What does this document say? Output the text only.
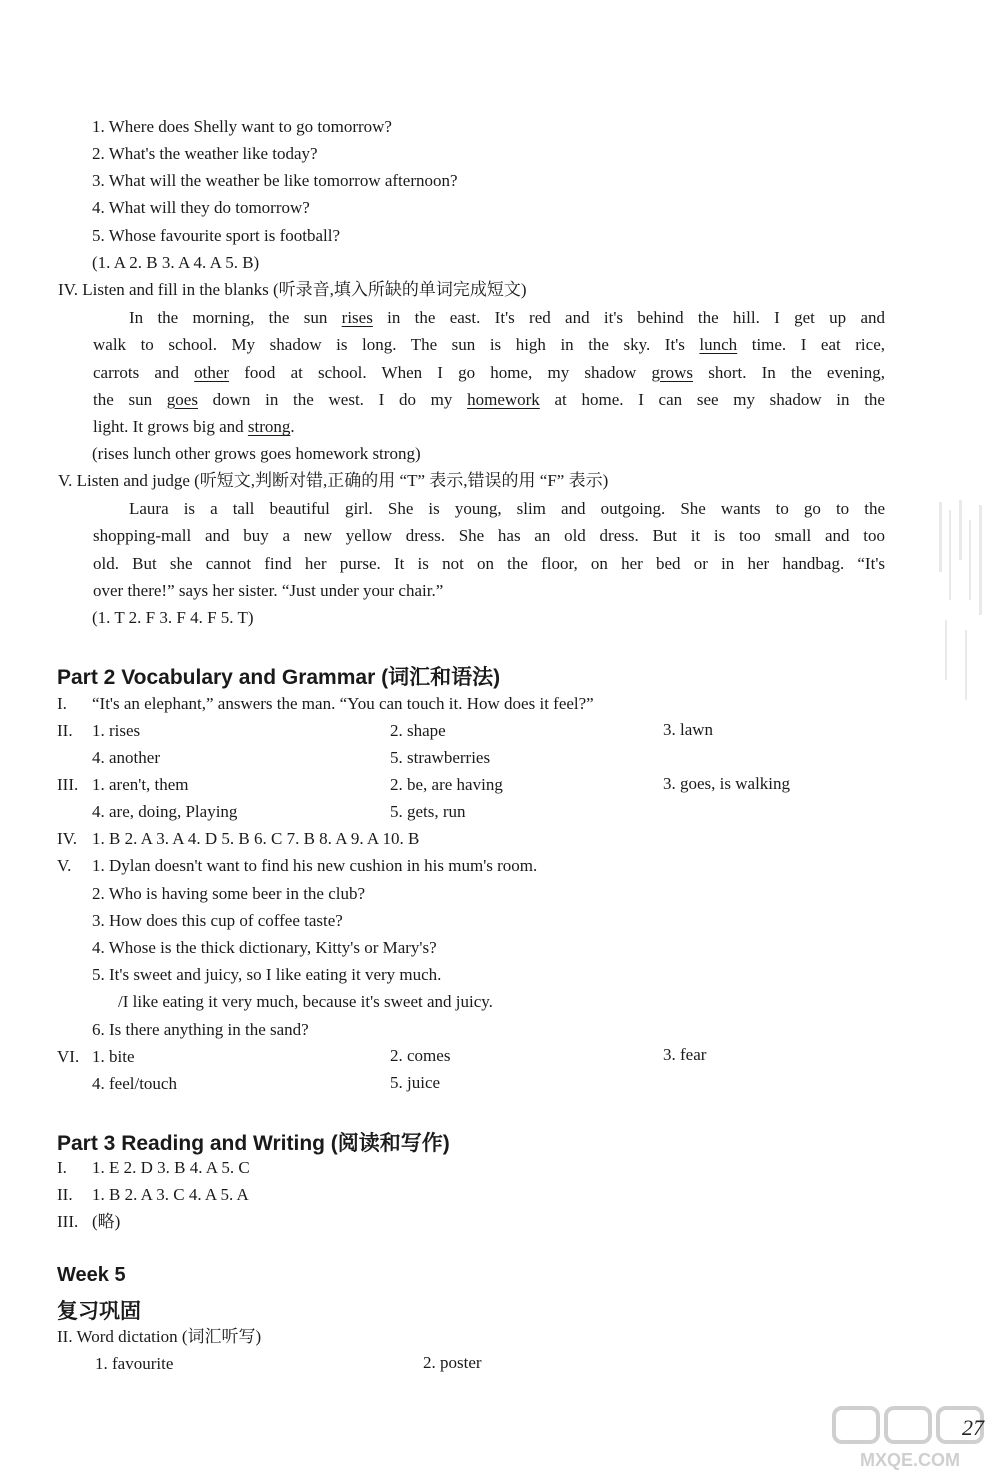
1. Where does Shelly want to go tomorrow?
2. What's the weather like today?
3. What will the weather be like tomorrow afternoon?
4. What will they do tomorrow?
5. Whose favourite sport is football?
(1. A 2. B 3. A 4. A 5. B)
IV. Listen and fill in the blanks (听录音,填入所缺的单词完成短文)
In the morning, the sun rises in the east. It's red and it's behind the hill. I get up and
walk to school. My shadow is long. The sun is high in the sky. It's lunch time. I eat rice,
carrots and other food at school. When I go home, my shadow grows short. In the evening,
the sun goes down in the west. I do my homework at home. I can see my shadow in the
light. It grows big and strong.
(rises lunch other grows goes homework strong)
V. Listen and judge (听短文,判断对错,正确的用 “T” 表示,错误的用 “F” 表示)
Laura is a tall beautiful girl. She is young, slim and outgoing. She wants to go to the
shopping-mall and buy a new yellow dress. She has an old dress. But it is too small and too
old. But she cannot find her purse. It is not on the floor, on her bed or in her handbag. “It's
over there!” says her sister. “Just under your chair.”
(1. T 2. F 3. F 4. F 5. T)
Part 2 Vocabulary and Grammar (词汇和语法)
I. “It's an elephant,” answers the man. “You can touch it. How does it feel?”
II. 1. rises	2. shape	3. lawn
4. another	5. strawberries
III. 1. aren't, them	2. be, are having	3. goes, is walking
4. are, doing, Playing	5. gets, run
IV. 1. B 2. A 3. A 4. D 5. B 6. C 7. B 8. A 9. A 10. B
V. 1. Dylan doesn't want to find his new cushion in his mum's room.
2. Who is having some beer in the club?
3. How does this cup of coffee taste?
4. Whose is the thick dictionary, Kitty's or Mary's?
5. It's sweet and juicy, so I like eating it very much.
/I like eating it very much, because it's sweet and juicy.
6. Is there anything in the sand?
VI. 1. bite	2. comes	3. fear
4. feel/touch	5. juice
Part 3 Reading and Writing (阅读和写作)
I. 1. E 2. D 3. B 4. A 5. C
II. 1. B 2. A 3. C 4. A 5. A
III. (略)
Week 5
复习巩固
II. Word dictation (词汇听写)
1. favourite	2. poster
MXQE.COM
27
